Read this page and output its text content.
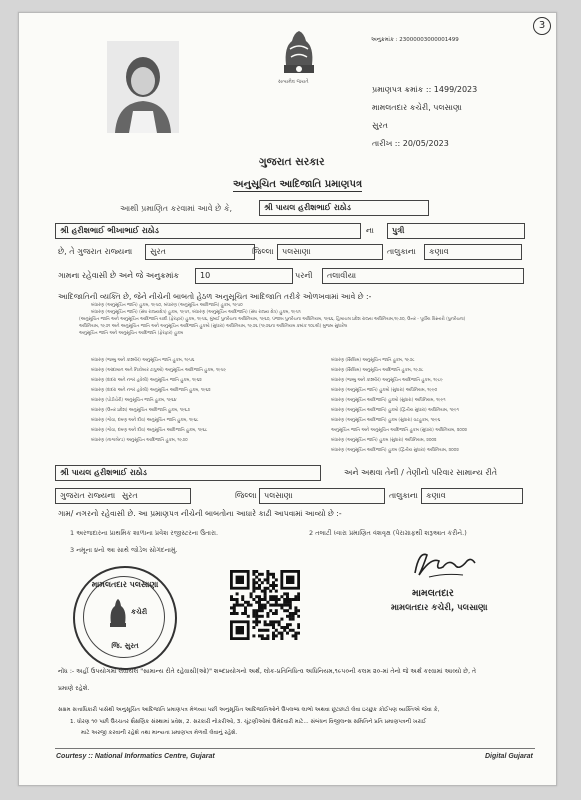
3
સત્યમેવ જયતે
અનુક્રમાંક : 23000003000001499
પ્રમાણપત્ર ક્રમાંક :: 1499/2023
મામલતદાર કચેરી, પલસાણા
સુરત
તારીખ :: 20/05/2023
ગુજરાત સરકાર
અનુસૂચિત આદિજાતિ પ્રમાણપત્ર
આથી પ્રમાણિત કરવામાં આવે છે કે,	શ્રી પાયલ હરીશભાઈ રાઠોડ
શ્રી હરીશભાઈ ભીખાભાઈ રાઠોડ	ના	પુત્રી
છે, તે ગુજરાત રાજ્યના	સુરત	જિલ્લા	પલસાણા	તાલુકાના	કણાવ
ગામના રહેવાસી છે અને જે અનુક્રમાંક	10	પરની	તલાવીયા
આદિજાતિની વ્યક્તિ છે, જેને નીચેની બાબતો હેઠળ અનુસૂચિત આદિજાતિ તરીકે ઓળખવામાં આવે છે :-
બંધારણ (અનુસૂચિત જાતિ) હુકમ, ૧૯૫૦, બંધારણ (અનુસૂચિત આદિજાતિ) હુકમ, ૧૯૫૦
બંધારણ (અનુસૂચિત જાતિ) (સંઘ રાજ્યક્ષેત્ર) હુકમ, ૧૯૫૧, બંધારણ (અનુસૂચિત આદિજાતિ) (સંઘ રાજ્ય ક્ષેત્ર) હુકમ, ૧૯૫૧
(અનુસૂચિત જાતિ અને અનુસૂચિત આદિજાતિ યાદી (ફેરફાર) હુકમ, ૧૯૫૬, મુંબઈ પુનર્રચના અધિનિયમ, ૧૯૬૦, પંજાબ પુનર્રચના અધિનિયમ, ૧૯૬૬, હિમાચલ પ્રદેશ રાજ્ય અધિનિયમ,૧૯૭૦, ઉત્તર - પૂર્વીય વિસ્તારો (પુનર્રચના)
અધિનિયમ, ૧૯૭૧ અને અનુસૂચિત જાતિ અને અનુસૂચિત આદિજાતિ હુકમો (સુધારા) અધિનિયમ, ૧૯૭૬ (૧૯૭૬ના અધિનિયમ ક્રમાંક ૧૦૮થી) મુજબ સુધારેલ
અનુસૂચિત જાતિ અને અનુસૂચિત આદિજાતિ (ફેરફાર) હુકમ
બંધારણ (જમ્મુ અને કાશ્મીર) અનુસૂચિત જાતિ હુકમ, ૧૯૫૬
બંધારણ (આંદામાન અને નિકોબાર ટાપુઓ) અનુસૂચિત આદિજાતિ હુકમ, ૧૯૫૯
બંધારણ (દાદરા અને નગર હવેલી) અનુસૂચિત જાતિ હુકમ, ૧૯૬૨
બંધારણ (દાદરા અને નગર હવેલી) અનુસૂચિત આદિજાતિ હુકમ, ૧૯૬૨
બંધારણ (પોંડીચેરી) અનુસૂચિત જાતિ હુકમ, ૧૯૬૪
બંધારણ (ઉત્તર પ્રદેશ) અનુસૂચિત આદિજાતિ હુકમ, ૧૯૬૭
બંધારણ (ગોવા, દમણ અને દીવ) અનુસૂચિત જાતિ હુકમ, ૧૯૬૮
બંધારણ (ગોવા, દમણ અને દીવ) અનુસૂચિત આદિજાતિ હુકમ, ૧૯૬૮
બંધારણ (નાગાલેન્ડ) અનુસૂચિત આદિજાતિ હુકમ, ૧૯૭૦
બંધારણ (સિક્કિમ) અનુસૂચિત જાતિ હુકમ, ૧૯૭૮
બંધારણ (સિક્કિમ) અનુસૂચિત આદિજાતિ હુકમ, ૧૯૭૮
બંધારણ (જમ્મુ અને કાશ્મીર) અનુસૂચિત આદિજાતિ હુકમ, ૧૯૮૯
બંધારણ (અનુસૂચિત જાતિ) હુકમો (સુધારા) અધિનિયમ, ૧૯૯૦
બંધારણ (અનુસૂચિત આદિજાતિ) હુકમો (સુધારા) અધિનિયમ, ૧૯૯૧
બંધારણ (અનુસૂચિત આદિજાતિ) હુકમો (દ્વિતીય સુધારા) અધિનિયમ, ૧૯૯૧
બંધારણ (અનુસૂચિત આદિજાતિ) હુકમ (સુધારા) વટહુકમ, ૧૯૯૬
અનુસૂચિત જાતિ અને અનુસૂચિત આદિજાતિ હુકમ (સુધારા) અધિનિયમ, ૨૦૦૨
બંધારણ (અનુસૂચિત જાતિ) હુકમ (સુધારા) અધિનિયમ, ૨૦૦૨
બંધારણ (અનુસૂચિત આદિજાતિ) હુકમ (દ્વિતીય સુધારા) અધિનિયમ, ૨૦૦૨
શ્રી પાયલ હરીશભાઈ રાઠોડ	અને અથવા તેની / તેણીનો પરિવાર સામાન્ય રીતે
ગુજરાત રાજ્યના સુરત	જિલ્લા પલસાણા	તાલુકાના	કણાવ
ગામ/ નગરનો રહેવાસી છે. આ પ્રમાણપત્ર નીચેની બાબતોના આધારે કાઢી આપવામાં આવ્યો છે :-
1 અરજદારના પ્રાથમિક શાળાના પ્રવેશ રજીસ્ટરના ઉતારા.	2 તલાટી ધ્વારા પ્રમાણિત વંશવૃક્ષ (પેરાગ્રાફથી શરૂઆત કરીને.)
3 નમૂના ૪નો આ સાથે જોડેલ સોગંદનામું.
મામલતદાર પલસાણા
કચેરી
જિ. સુરત
મામલતદાર
મામલતદાર કચેરી, પલસાણા
નોંધ :- અહીં ઉપયોગમાં લેવાયેલ "સામાન્ય રીતે રહેવાસી(ઓ)" શબ્દપ્રયોગનો અર્થ, લોક-પ્રતિનિધિત્વ અધિનિયમ,૧૯૫૦ની કલમ ૨૦-માં તેનો જે અર્થ કરવામાં આવ્યો છે, તે
પ્રમાણે રહેશે.
સક્ષમ સત્તાધિકારી પાસેથી અનુસૂચિત આદિજાતિ પ્રમાણપત્ર મેળવ્યા પછી અનુસૂચિત આદિજાતિઓને ઉપલબ્ધ લાભો અથવા છૂટછાટો લેવા ઇચ્છુક કોઈપણ વ્યક્તિએ જેવા કે,
1. ધોરણ ૧૦ પછી ઉચ્ચતર શૈક્ષણિક સંસ્થામાં પ્રવેશ, 2. સરકારી નોકરીઓ, 3. ચૂંટણીઓમાં ઉમેદવારી માટે... સંબંધન વિજીલન્સ સમિતિને પ્રતિ પ્રમાણપત્રની ખરાઈ
માટે અરજી કરવાની રહેશે તથા માન્યતા પ્રમાણપત્ર મેળવી લેવાનું રહેશે.
Courtesy :: National Informatics Centre, Gujarat	Digital Gujarat
